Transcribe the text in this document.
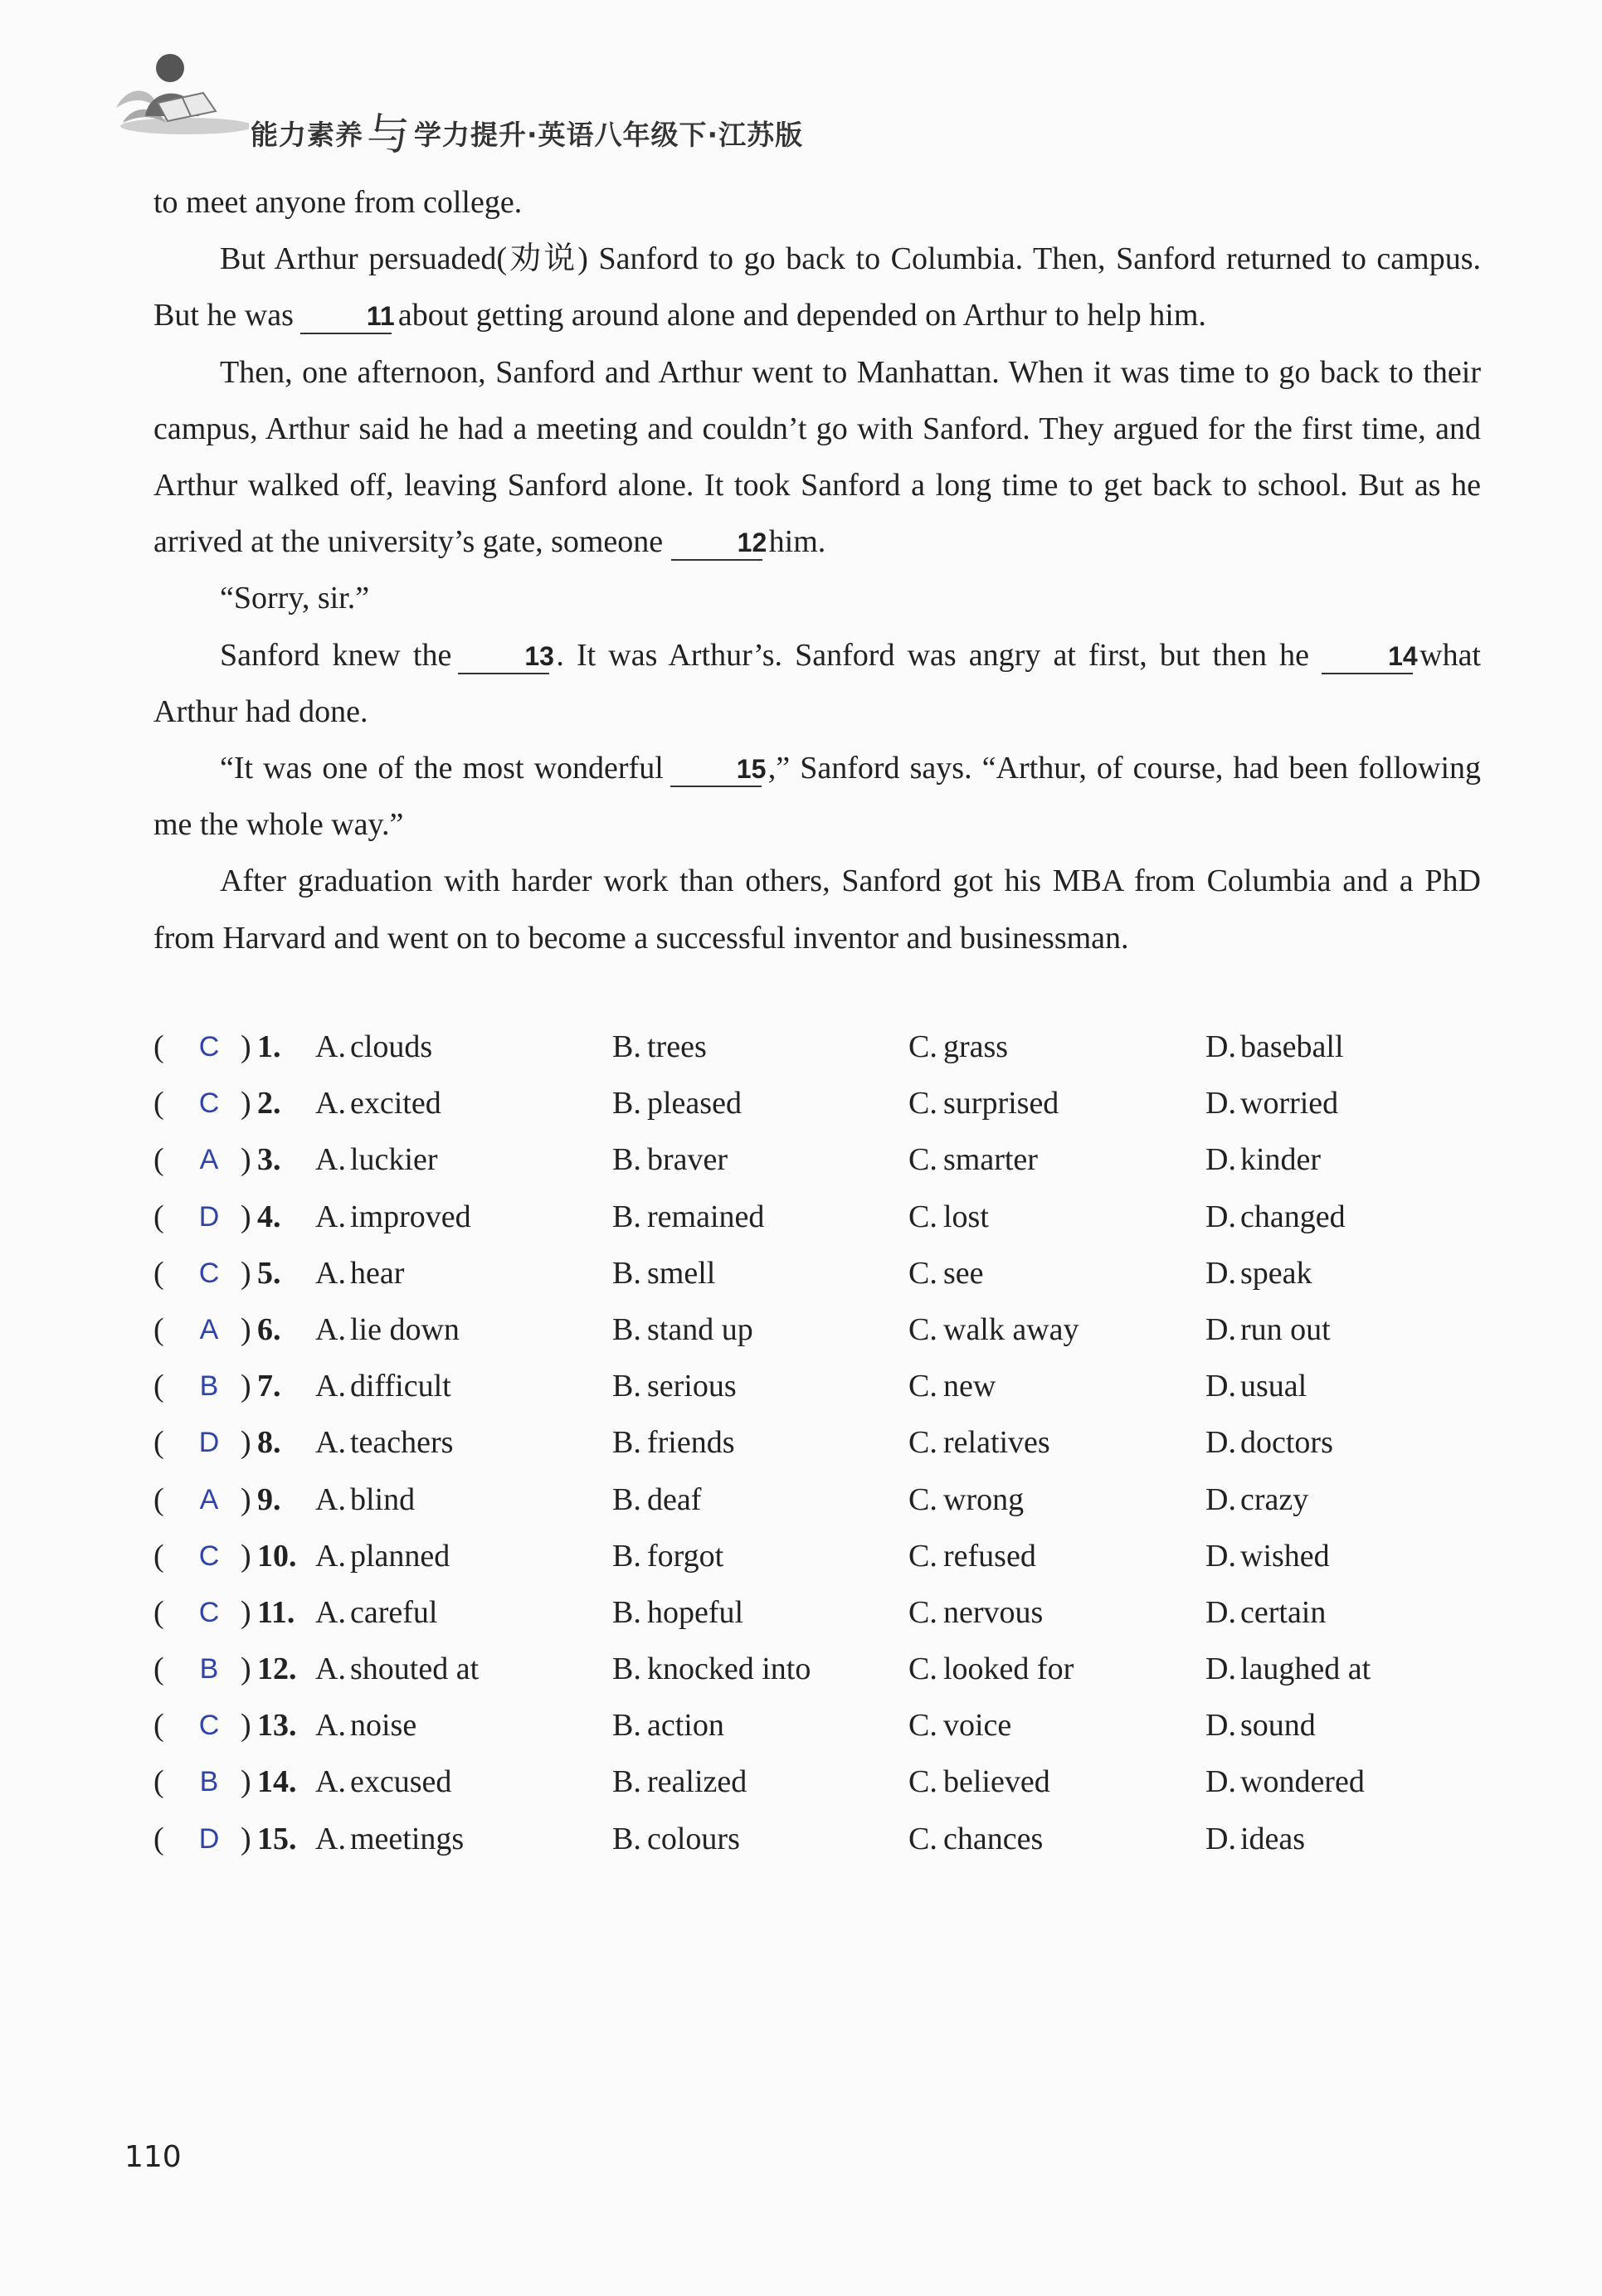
能力素养与 学力提升·英语八年级下·江苏版

to meet anyone from college.

But Arthur persuaded(劝说) Sanford to go back to Columbia. Then, Sanford returned to campus. But he was	11 about getting around alone and depended on Arthur to help him.

Then, one afternoon, Sanford and Arthur went to Manhattan. When it was time to go back to their campus, Arthur said he had a meeting and couldn’t go with Sanford. They argued for the first time, and Arthur walked off, leaving Sanford alone. It took Sanford a long time to get back to school. But as he arrived at the university’s gate, someone	12him.

“Sorry, sir.”

Sanford knew the	13. It was Arthur’s. Sanford was angry at first, but then he	14what Arthur had done.

“It was one of the most wonderful	15,” Sanford says. “Arthur, of course, had been following me the whole way.”

After graduation with harder work than others, Sanford got his MBA from Columbia and a PhD from Harvard and went on to become a successful inventor and businessman.

(	C ) 1. A. clouds	B. trees	C. grass	D. baseball
(	C ) 2. A. excited	B. pleased	C. surprised	D. worried
(	A ) 3. A. luckier	B. braver	C. smarter	D. kinder
(	D ) 4. A. improved	B. remained	C. lost	D. changed
(	C ) 5. A. hear	B. smell	C. see	D. speak
(	A ) 6. A. lie down	B. stand up	C. walk away	D. run out
(	B ) 7. A. difficult	B. serious	C. new	D. usual
(	D ) 8. A. teachers	B. friends	C. relatives	D. doctors
(	A ) 9. A. blind	B. deaf	C. wrong	D. crazy
(	C ) 10. A. planned	B. forgot	C. refused	D. wished
(	C ) 11. A. careful	B. hopeful	C. nervous	D. certain
(	B ) 12. A. shouted at	B. knocked into	C. looked for	D. laughed at
(	C ) 13. A. noise	B. action	C. voice	D. sound
(	B ) 14. A. excused	B. realized	C. believed	D. wondered
(	D ) 15. A. meetings	B. colours	C. chances	D. ideas
110
